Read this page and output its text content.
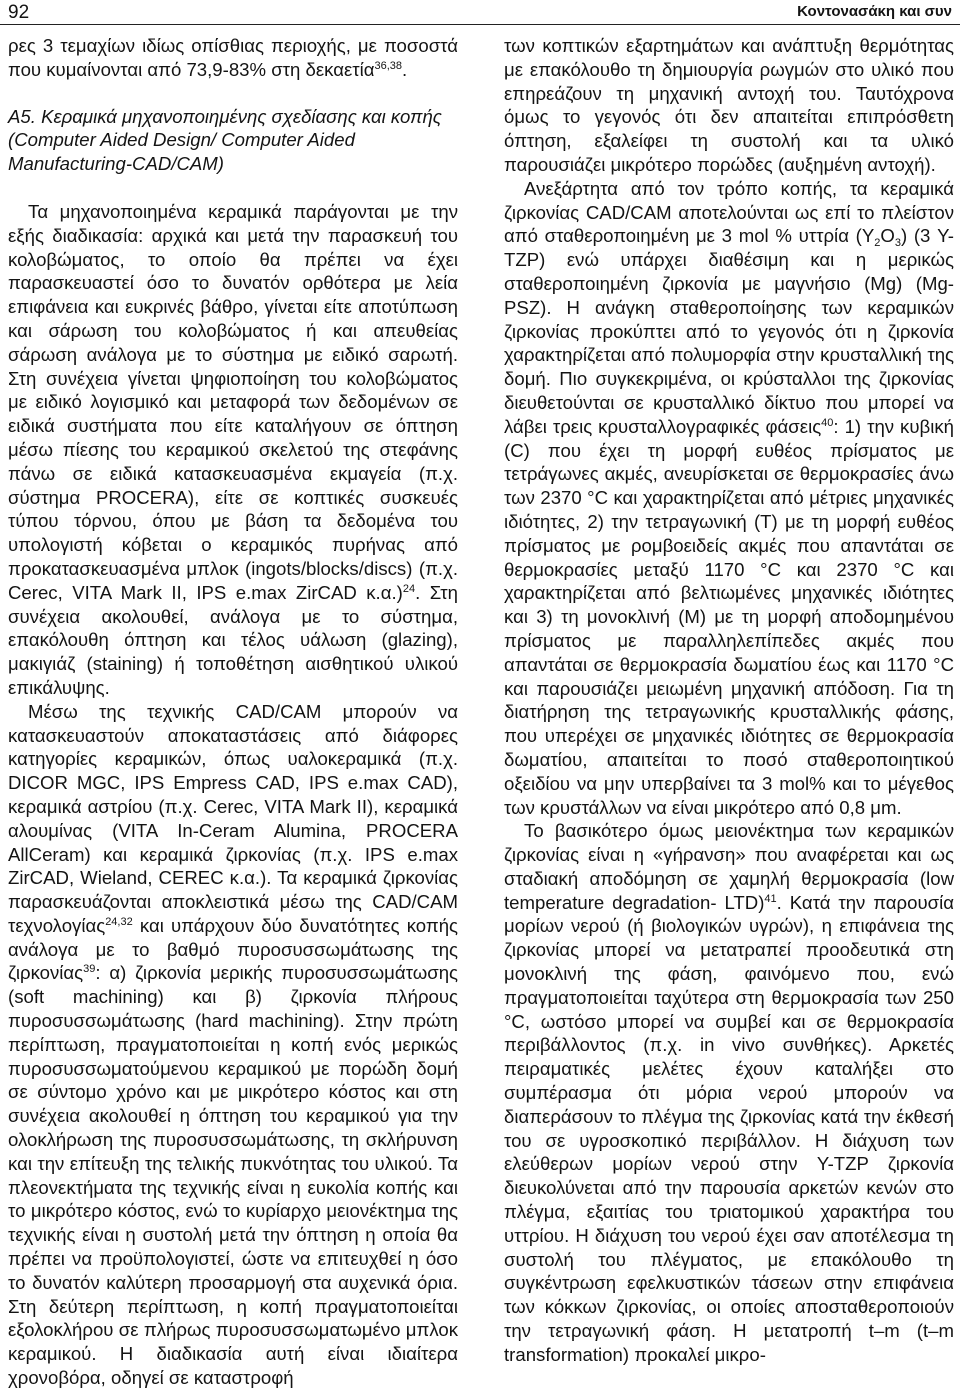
92	Κοντονασάκη και συν

ρες 3 τεμαχίων ιδίως οπίσθιας περιοχής, με ποσοστά που κυμαίνονται από 73,9-83% στη δεκαετία$^{36,38}$.

Α5. Κεραμικά μηχανοποιημένης σχεδίασης και κοπής (Computer Aided Design/ Computer Aided Manufacturing-CAD/CAM)

Τα μηχανοποιημένα κεραμικά παράγονται με την εξής διαδικασία: αρχικά και μετά την παρασκευή του κολοβώματος, το οποίο θα πρέπει να έχει παρασκευαστεί όσο το δυνατόν ορθότερα με λεία επιφάνεια και ευκρινές βάθρο, γίνεται είτε αποτύπωση και σάρωση του κολοβώματος ή και απευθείας σάρωση ανάλογα με το σύστημα με ειδικό σαρωτή. Στη συνέχεια γίνεται ψηφιοποίηση του κολοβώματος με ειδικό λογισμικό και μεταφορά των δεδομένων σε ειδικά συστήματα που είτε καταλήγουν σε όπτηση μέσω πίεσης του κεραμικού σκελετού της στεφάνης πάνω σε ειδικά κατασκευασμένα εκμαγεία (π.χ. σύστημα PROCERA), είτε σε κοπτικές συσκευές τύπου τόρνου, όπου με βάση τα δεδομένα του υπολογιστή κόβεται ο κεραμικός πυρήνας από προκατασκευασμένα μπλοκ (ingots/blocks/discs) (π.χ. Cerec, VITA Mark II, IPS e.max ZirCAD κ.α.)$^{24}$. Στη συνέχεια ακολουθεί, ανάλογα με το σύστημα, επακόλουθη όπτηση και τέλος υάλωση (glazing), μακιγιάζ (staining) ή τοποθέτηση αισθητικού υλικού επικάλυψης.

Μέσω της τεχνικής CAD/CAM μπορούν να κατασκευαστούν αποκαταστάσεις από διάφορες κατηγορίες κεραμικών, όπως υαλοκεραμικά (π.χ. DICOR MGC, IPS Empress CAD, IPS e.max CAD), κεραμικά αστρίου (π.χ. Cerec, VITA Mark II), κεραμικά αλουμίνας (VITA In-Ceram Alumina, PROCERA AllCeram) και κεραμικά ζιρκονίας (π.χ. IPS e.max ZirCAD, Wieland, CEREC κ.α.). Τα κεραμικά ζιρκονίας παρασκευάζονται αποκλειστικά μέσω της CAD/CAM τεχνολογίας$^{24,32}$ και υπάρχουν δύο δυνατότητες κοπής ανάλογα με το βαθμό πυροσυσσωμάτωσης της ζιρκονίας$^{39}$: α) ζιρκονία μερικής πυροσυσσωμάτωσης (soft machining) και β) ζιρκονία πλήρους πυροσυσσωμάτωσης (hard machining). Στην πρώτη περίπτωση, πραγματοποιείται η κοπή ενός μερικώς πυροσυσσωματούμενου κεραμικού με πορώδη δομή σε σύντομο χρόνο και με μικρότερο κόστος και στη συνέχεια ακολουθεί η όπτηση του κεραμικού για την ολοκλήρωση της πυροσυσσωμάτωσης, τη σκλήρυνση και την επίτευξη της τελικής πυκνότητας του υλικού. Τα πλεονεκτήματα της τεχνικής είναι η ευκολία κοπής και το μικρότερο κόστος, ενώ το κυρίαρχο μειονέκτημα της τεχνικής είναι η συστολή μετά την όπτηση η οποία θα πρέπει να προϋπολογιστεί, ώστε να επιτευχθεί η όσο το δυνατόν καλύτερη προσαρμογή στα αυχενικά όρια. Στη δεύτερη περίπτωση, η κοπή πραγματοποιείται εξολοκλήρου σε πλήρως πυροσυσσωματωμένο μπλοκ κεραμικού. Η διαδικασία αυτή είναι ιδιαίτερα χρονοβόρα, οδηγεί σε καταστροφή

των κοπτικών εξαρτημάτων και ανάπτυξη θερμότητας με επακόλουθο τη δημιουργία ρωγμών στο υλικό που επηρεάζουν τη μηχανική αντοχή του. Ταυτόχρονα όμως το γεγονός ότι δεν απαιτείται επιπρόσθετη όπτηση, εξαλείφει τη συστολή και τα υλικό παρουσιάζει μικρότερο πορώδες (αυξημένη αντοχή).

Ανεξάρτητα από τον τρόπο κοπής, τα κεραμικά ζιρκονίας CAD/CAM αποτελούνται ως επί το πλείστον από σταθεροποιημένη με 3 mol % υττρία $(Y_2O_3)$ (3 Y-TZP) ενώ υπάρχει διαθέσιμη και η μερικώς σταθεροποιημένη ζιρκονία με μαγνήσιο (Mg) (Mg-PSZ). Η ανάγκη σταθεροποίησης των κεραμικών ζιρκονίας προκύπτει από το γεγονός ότι η ζιρκονία χαρακτηρίζεται από πολυμορφία στην κρυσταλλική της δομή. Πιο συγκεκριμένα, οι κρύσταλλοι της ζιρκονίας διευθετούνται σε κρυσταλλικό δίκτυο που μπορεί να λάβει τρεις κρυσταλλογραφικές φάσεις$^{40}$: 1) την κυβική (C) που έχει τη μορφή ευθέος πρίσματος με τετράγωνες ακμές, ανευρίσκεται σε θερμοκρασίες άνω των 2370 °C και χαρακτηρίζεται από μέτριες μηχανικές ιδιότητες, 2) την τετραγωνική (T) με τη μορφή ευθέος πρίσματος με ρομβοειδείς ακμές που απαντάται σε θερμοκρασίες μεταξύ 1170 °C και 2370 °C και χαρακτηρίζεται από βελτιωμένες μηχανικές ιδιότητες και 3) τη μονοκλινή (M) με τη μορφή αποδομημένου πρίσματος με παραλληλεπίπεδες ακμές που απαντάται σε θερμοκρασία δωματίου έως και 1170 °C και παρουσιάζει μειωμένη μηχανική απόδοση. Για τη διατήρηση της τετραγωνικής κρυσταλλικής φάσης, που υπερέχει σε μηχανικές ιδιότητες σε θερμοκρασία δωματίου, απαιτείται το ποσό σταθεροποιητικού οξειδίου να μην υπερβαίνει τα 3 mol% και το μέγεθος των κρυστάλλων να είναι μικρότερο από 0,8 μm.

Το βασικότερο όμως μειονέκτημα των κεραμικών ζιρκονίας είναι η «γήρανση» που αναφέρεται και ως σταδιακή αποδόμηση σε χαμηλή θερμοκρασία (low temperature degradation- LTD)$^{41}$. Κατά την παρουσία μορίων νερού (ή βιολογικών υγρών), η επιφάνεια της ζιρκονίας μπορεί να μετατραπεί προοδευτικά στη μονοκλινή της φάση, φαινόμενο που, ενώ πραγματοποιείται ταχύτερα στη θερμοκρασία των 250 °C, ωστόσο μπορεί να συμβεί και σε θερμοκρασία περιβάλλοντος (π.χ. in vivo συνθήκες). Αρκετές πειραματικές μελέτες έχουν καταλήξει στο συμπέρασμα ότι μόρια νερού μπορούν να διαπεράσουν το πλέγμα της ζιρκονίας κατά την έκθεσή του σε υγροσκοπικό περιβάλλον. Η διάχυση των ελεύθερων μορίων νερού στην Y-TZP ζιρκονία διευκολύνεται από την παρουσία αρκετών κενών στο πλέγμα, εξαιτίας του τριατομικού χαρακτήρα του υττρίου. Η διάχυση του νερού έχει σαν αποτέλεσμα τη συστολή του πλέγματος, με επακόλουθο τη συγκέντρωση εφελκυστικών τάσεων στην επιφάνεια των κόκκων ζιρκονίας, οι οποίες αποσταθεροποιούν την τετραγωνική φάση. Η μετατροπή t–m (t–m transformation) προκαλεί μικρο-
